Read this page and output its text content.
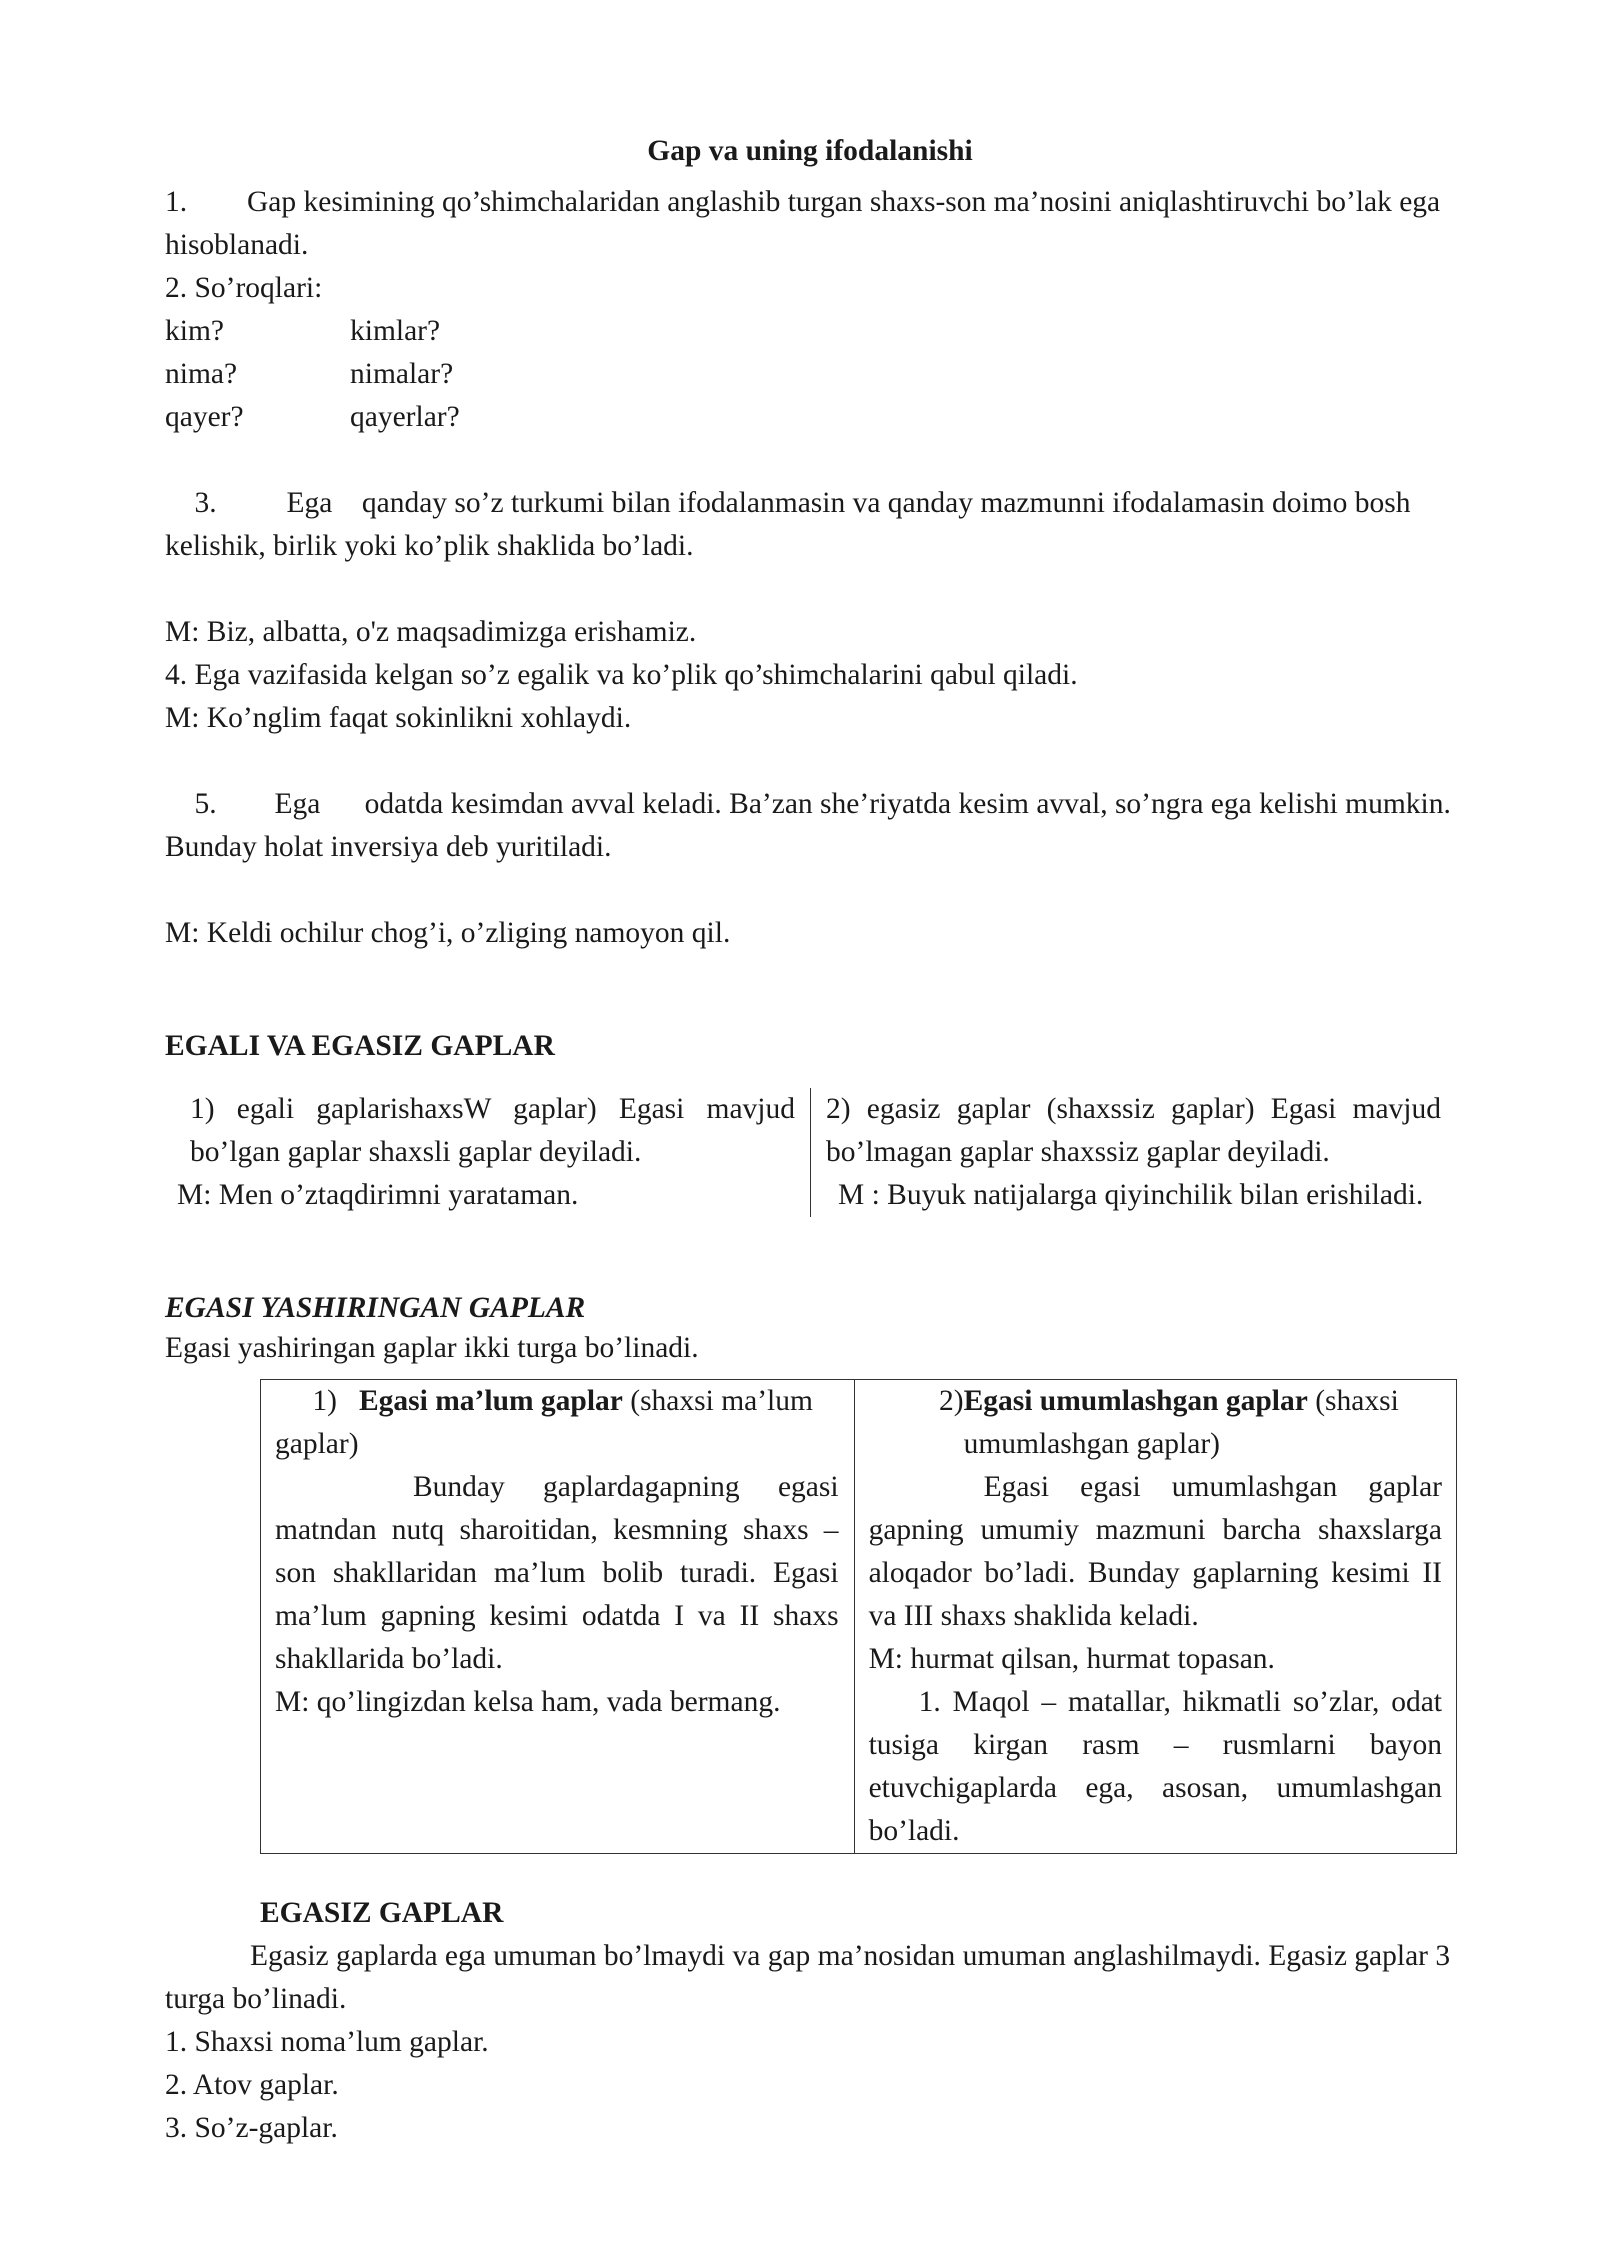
Gap va uning ifodalanishi

1. Gap kesimining qo’shimchalaridan anglashib turgan shaxs-son ma’nosini aniqlashtiruvchi bo’lak ega hisoblanadi.

2. So’roqlari:

kim?	kimlar?
nima?	nimalar?
qayer?	qayerlar?

3. Ega    qanday so’z turkumi bilan ifodalanmasin va qanday mazmunni ifodalamasin doimo bosh kelishik, birlik yoki ko’plik shaklida bo’ladi.

M: Biz, albatta, o'z maqsadimizga erishamiz.

4. Ega vazifasida kelgan so’z egalik va ko’plik qo’shimchalarini qabul qiladi.

M: Ko’nglim faqat sokinlikni xohlaydi.

5. Ega      odatda kesimdan avval keladi. Ba’zan she’riyatda kesim avval, so’ngra ega kelishi mumkin. Bunday holat inversiya deb yuritiladi.

M: Keldi ochilur chog’i, o’zliging namoyon qil.

EGALI VA EGASIZ GAPLAR

1) egali gaplarishaxsW gaplar) Egasi mavjud bo’lgan gaplar shaxsli gaplar deyiladi.

M: Men o’ztaqdirimni yarataman.

2) egasiz gaplar (shaxssiz gaplar) Egasi mavjud bo’lmagan gaplar shaxssiz gaplar deyiladi.

M : Buyuk natijalarga qiyinchilik bilan erishiladi.

EGASI YASHIRINGAN GAPLAR

Egasi yashiringan gaplar ikki turga bo’linadi.

1) Egasi ma’lum gaplar (shaxsi ma’lum gaplar)

Bunday gaplardagapning egasi matndan nutq sharoitidan, kesmning shaxs – son shakllaridan ma’lum bolib turadi. Egasi ma’lum gapning kesimi odatda I va II shaxs shakllarida bo’ladi.

M: qo’lingizdan kelsa ham, vada bermang.

2) Egasi umumlashgan gaplar (shaxsi umumlashgan gaplar)

Egasi egasi umumlashgan gaplar gapning umumiy mazmuni barcha shaxslarga aloqador bo’ladi. Bunday gaplarning kesimi II va III shaxs shaklida keladi.

M: hurmat qilsan, hurmat topasan.

1. Maqol – matallar, hikmatli so’zlar, odat tusiga kirgan rasm – rusmlarni bayon etuvchigaplarda ega, asosan, umumlashgan bo’ladi.

EGASIZ GAPLAR

Egasiz gaplarda ega umuman bo’lmaydi va gap ma’nosidan umuman anglashilmaydi. Egasiz gaplar 3 turga bo’linadi.

1. Shaxsi noma’lum gaplar.

2. Atov gaplar.

3. So’z-gaplar.
